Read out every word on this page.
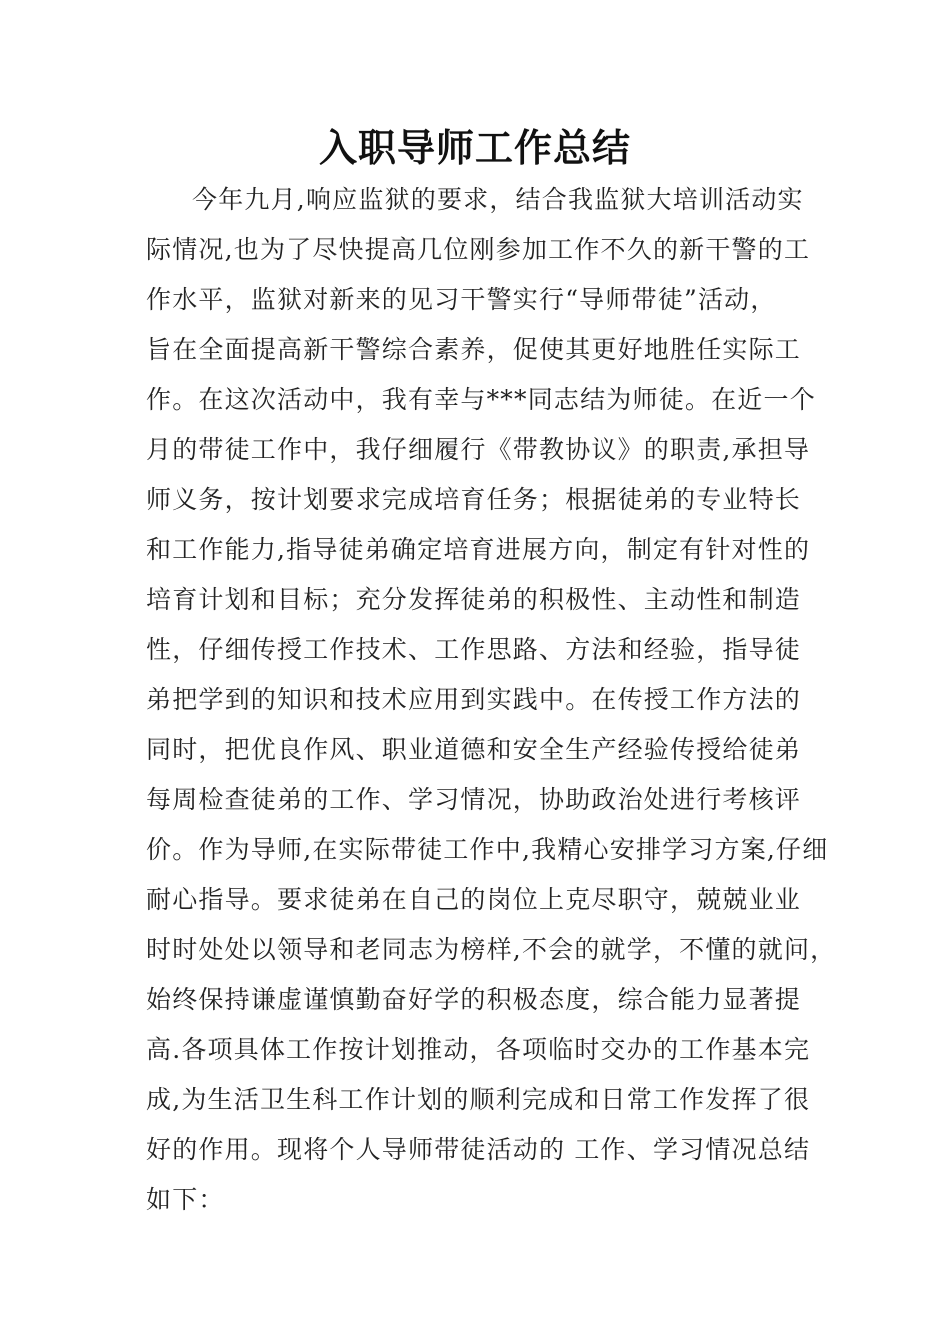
入职导师工作总结
今年九月,响应监狱的要求，结合我监狱大培训活动实
际情况,也为了尽快提高几位刚参加工作不久的新干警的工
作水平，监狱对新来的见习干警实行“导师带徒”活动，
旨在全面提高新干警综合素养，促使其更好地胜任实际工
作。在这次活动中，我有幸与***同志结为师徒。在近一个
月的带徒工作中，我仔细履行《带教协议》的职责,承担导
师义务，按计划要求完成培育任务；根据徒弟的专业特长
和工作能力,指导徒弟确定培育进展方向，制定有针对性的
培育计划和目标；充分发挥徒弟的积极性、主动性和制造
性，仔细传授工作技术、工作思路、方法和经验，指导徒
弟把学到的知识和技术应用到实践中。在传授工作方法的
同时，把优良作风、职业道德和安全生产经验传授给徒弟
每周检查徒弟的工作、学习情况，协助政治处进行考核评
价。作为导师,在实际带徒工作中,我精心安排学习方案,仔细
耐心指导。要求徒弟在自己的岗位上克尽职守，兢兢业业
时时处处以领导和老同志为榜样,不会的就学，不懂的就问，
始终保持谦虚谨慎勤奋好学的积极态度，综合能力显著提
高.各项具体工作按计划推动，各项临时交办的工作基本完
成,为生活卫生科工作计划的顺利完成和日常工作发挥了很
好的作用。现将个人导师带徒活动的 工作、学习情况总结
如下：
